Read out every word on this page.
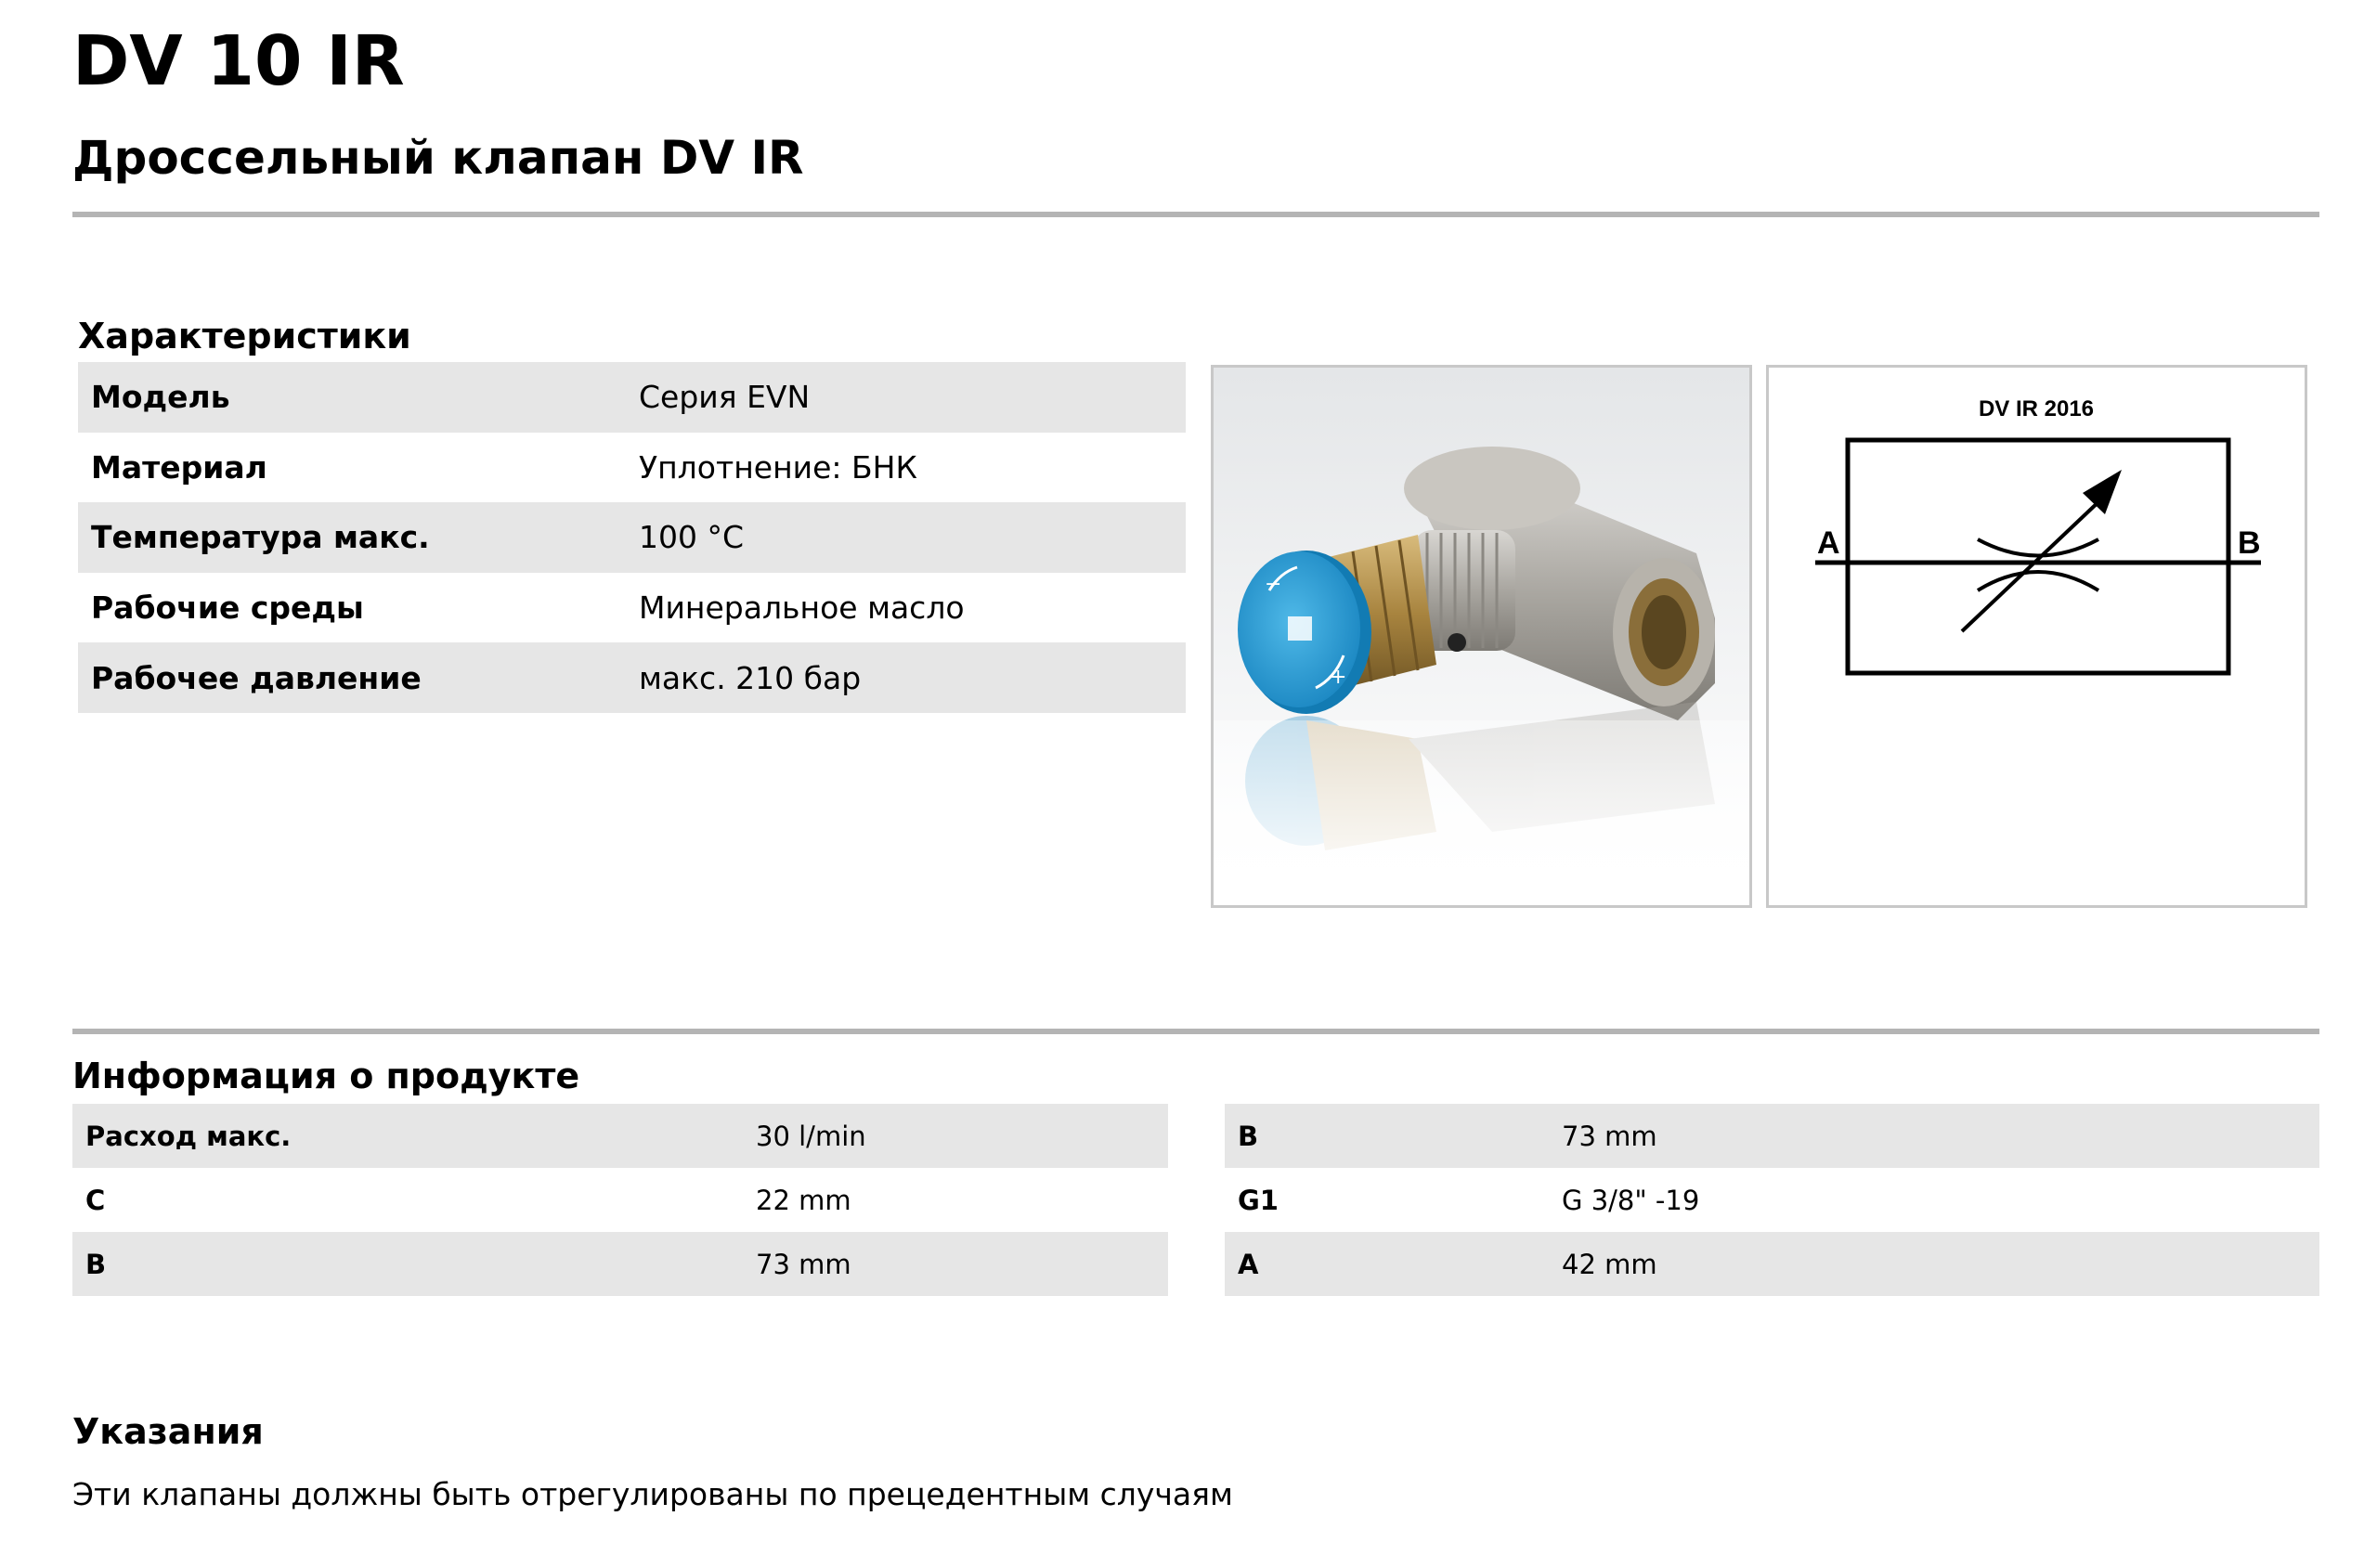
DV 10 IR
Дроссельный клапан DV IR
Характеристики
Модель	Серия EVN
Материал	Уплотнение: БНК
Температура макс.	100 °C
Рабочие среды	Минеральное масло
Рабочее давление	макс. 210 бар
−
+
DV IR 2016
A	B
Информация о продукте
Расход макс.	30 l/min
C	22 mm
B	73 mm
B	73 mm
G1	G 3/8" -19
A	42 mm
Указания
Эти клапаны должны быть отрегулированы по прецедентным случаям
